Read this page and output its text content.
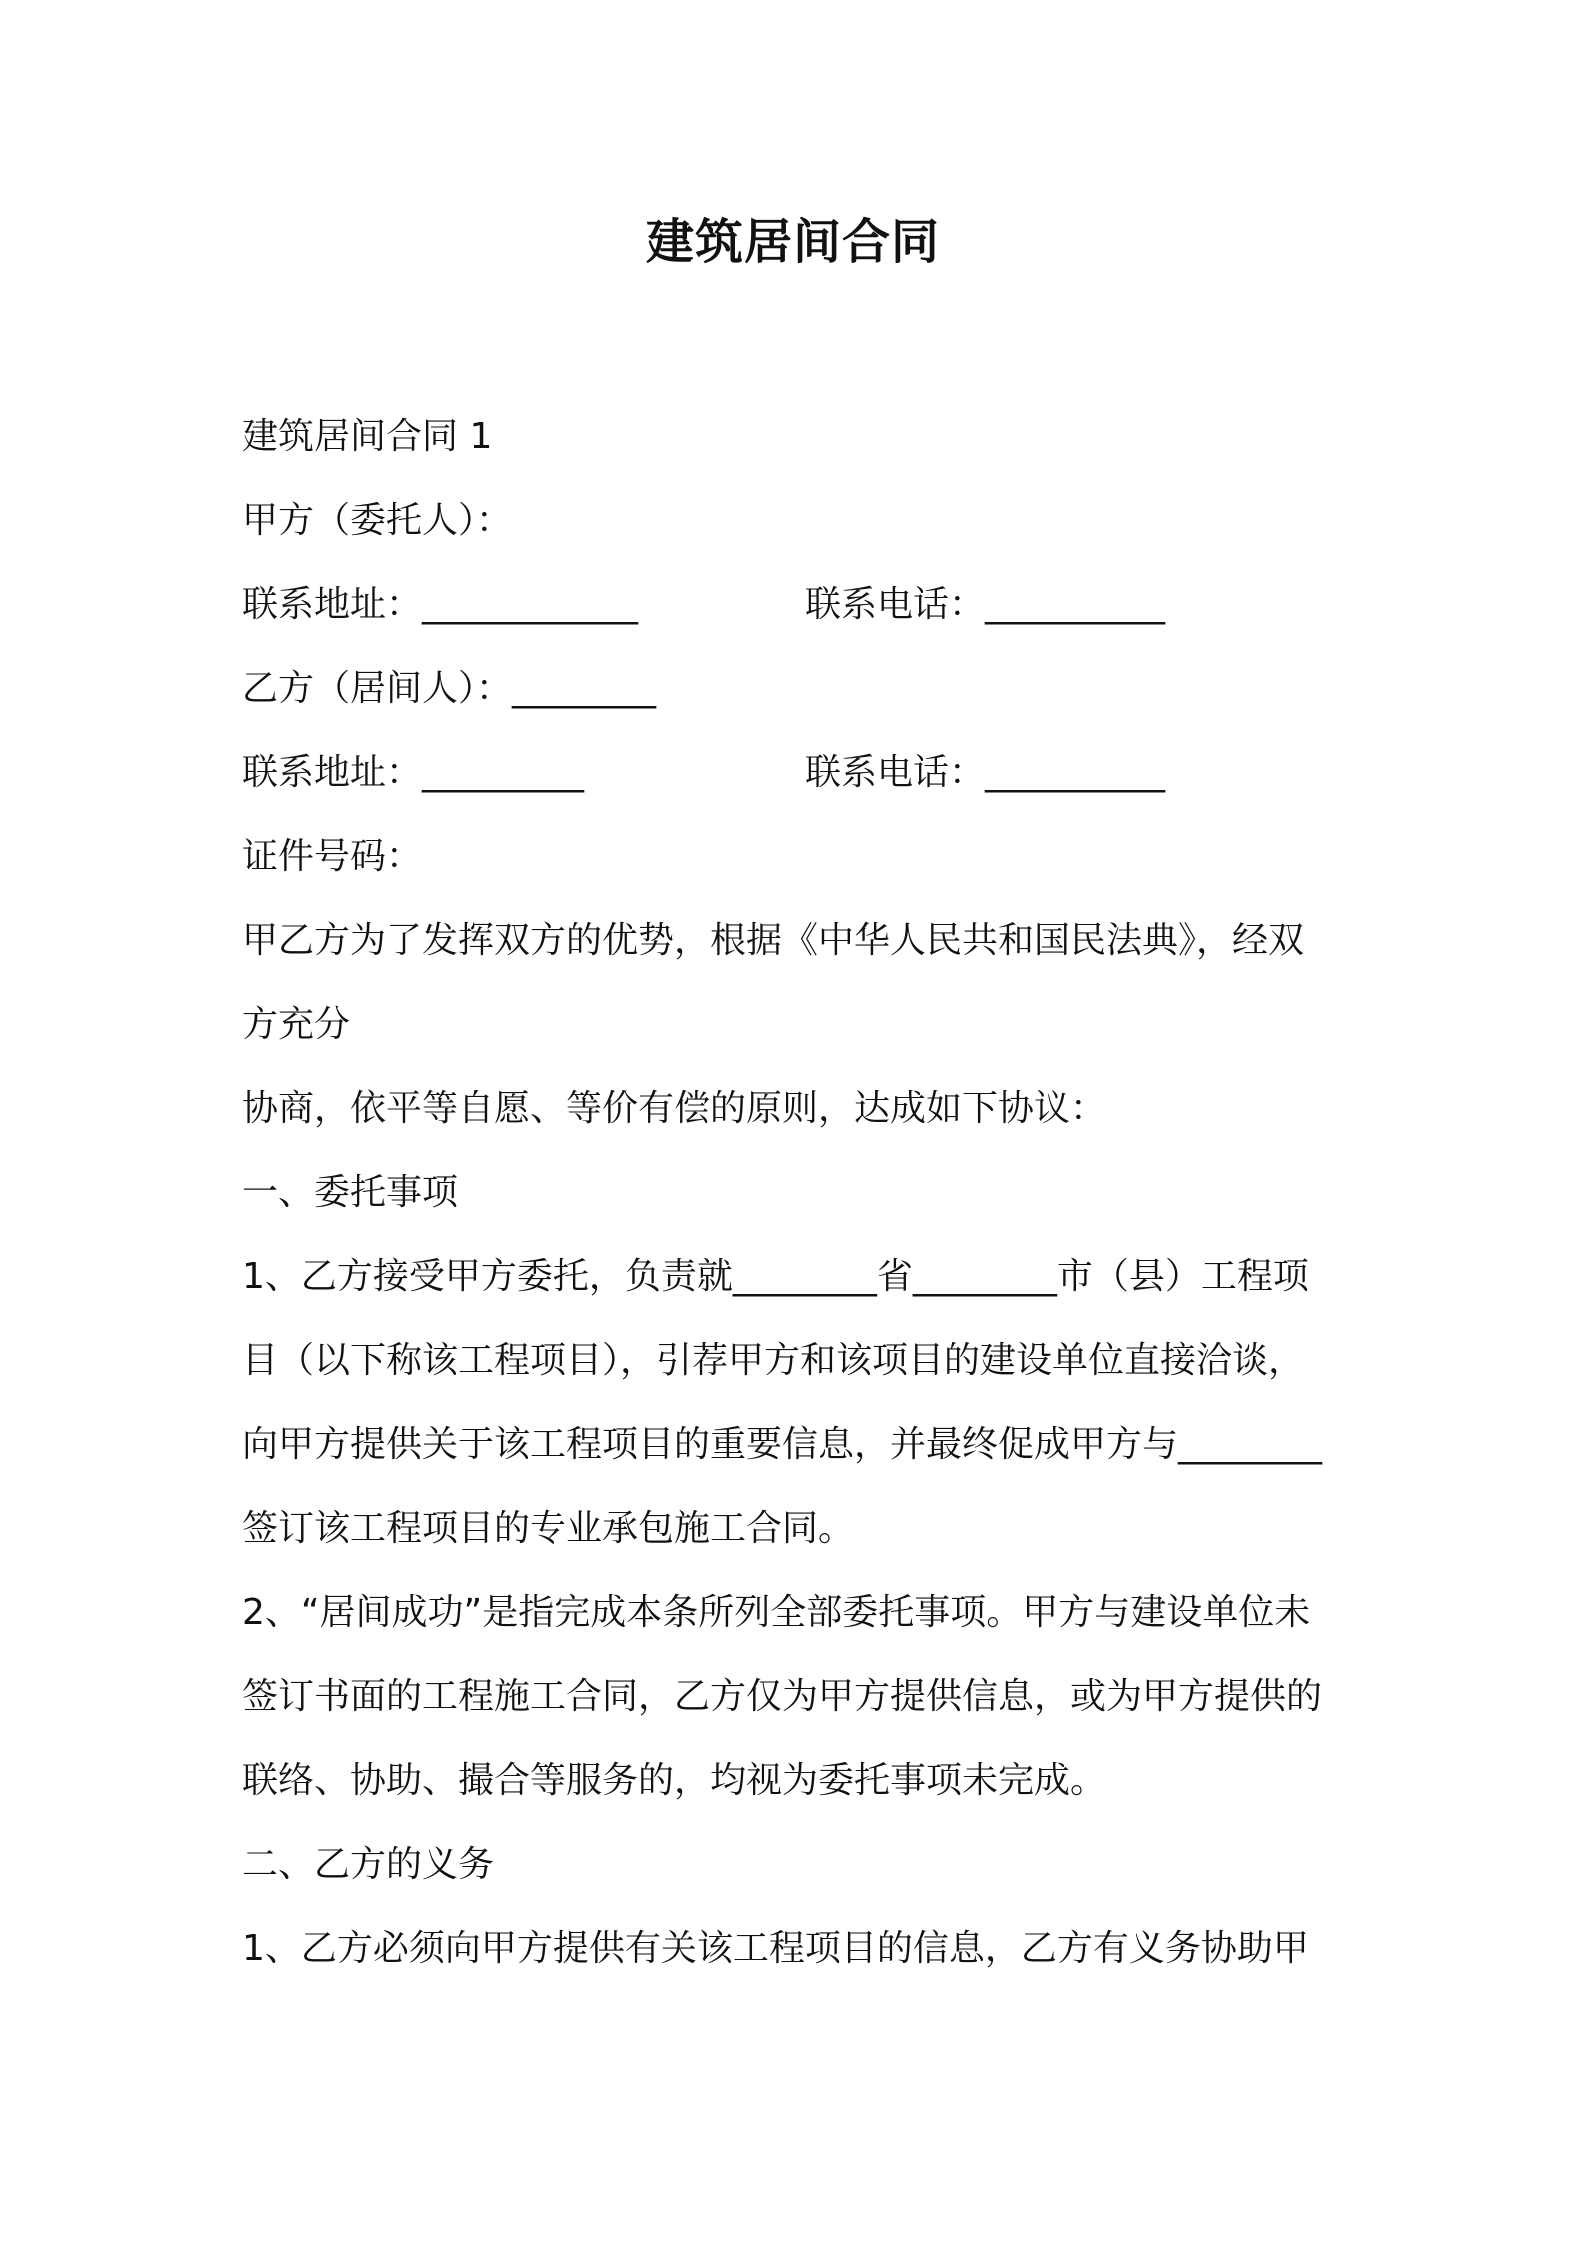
建筑居间合同
建筑居间合同 1
甲方（委托人）：
联系地址：____________	联系电话：__________
乙方（居间人）：________
联系地址：_________	联系电话：__________
证件号码：
甲乙方为了发挥双方的优势，根据《中华人民共和国民法典》，经双
方充分
协商，依平等自愿、等价有偿的原则，达成如下协议：
一、委托事项
1、乙方接受甲方委托，负责就________省________市（县）工程项
目（以下称该工程项目），引荐甲方和该项目的建设单位直接洽谈，
向甲方提供关于该工程项目的重要信息，并最终促成甲方与________
签订该工程项目的专业承包施工合同。
2、“居间成功”是指完成本条所列全部委托事项。甲方与建设单位未
签订书面的工程施工合同，乙方仅为甲方提供信息，或为甲方提供的
联络、协助、撮合等服务的，均视为委托事项未完成。
二、乙方的义务
1、乙方必须向甲方提供有关该工程项目的信息，乙方有义务协助甲
